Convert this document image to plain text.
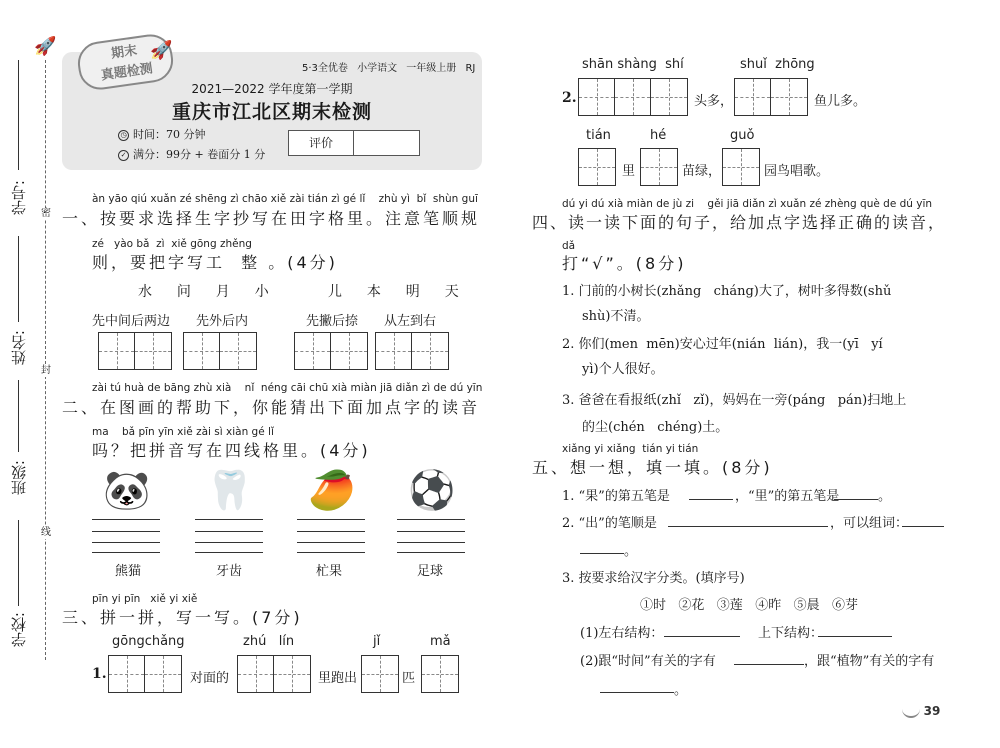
🚀
学号: 密
姓名:
封
班级:
线
学校:
期末
真题检测
🚀
5·3全优卷 小学语文 一年级上册 RJ
2021—2022 学年度第一学期
重庆市江北区期末检测
◷ 时间：70 分钟
✓ 满分：99分 + 卷面分 1 分
评价
àn yāo qiú xuǎn zé shēng zì chāo xiě zài tián zì gé lǐ    zhù yì  bǐ  shùn guī
一、按要求选择生字抄写在田字格里。注意笔顺规
zé   yào bǎ  zì  xiě gōng zhěng
则，要把字写工  整 。(4分)
水  问  月  小	儿  本  明  天
先中间后两边 先外后内	先撇后捺 从左到右
zài tú huà de bāng zhù xià    nǐ  néng cāi chū xià miàn jiā diǎn zì de dú yīn
二、在图画的帮助下，你能猜出下面加点字的读音
ma    bǎ pīn yīn xiě zài sì xiàn gé lǐ
吗？把拼音写在四线格里。(4分)
🐼 🦷 🥭 ⚽
熊猫	牙齿	杧果	足球
pīn yi pīn   xiě yi xiě
三、拼一拼，写一写。(7分)
gōngchǎng	zhú   lín	jǐ	mǎ
1.	对面的	里跑出	匹
shān shàng  shí	shuǐ  zhōng
2.	头多，	鱼儿多。
tián	hé	guǒ
里	苗绿，	园鸟唱歌。
dú yi dú xià miàn de jù zi    gěi jiā diǎn zì xuǎn zé zhèng què de dú yīn
四、读一读下面的句子，给加点字选择正确的读音，
dǎ
打“√”。(8分)
1. 门前的小树长(zhǎng   cháng)大了，树叶多得数(shǔ
shù)不清。
2. 你们(men  mēn)安心过年(nián  lián)，我一(yī   yí
yì)个人很好。
3. 爸爸在看报纸(zhǐ   zǐ)，妈妈在一旁(páng   pán)扫地上
的尘(chén   chéng)土。
xiǎng yi xiǎng  tián yi tián
五、想一想，填一填。(8分)
1. “果”的第五笔是	，“里”的第五笔是	。
2. “出”的笔顺是	，可以组词：
。
3. 按要求给汉字分类。(填序号)
①时   ②花   ③莲   ④昨   ⑤晨   ⑥芽
(1)左右结构：	上下结构：
(2)跟“时间”有关的字有	，跟“植物”有关的字有
。
39
